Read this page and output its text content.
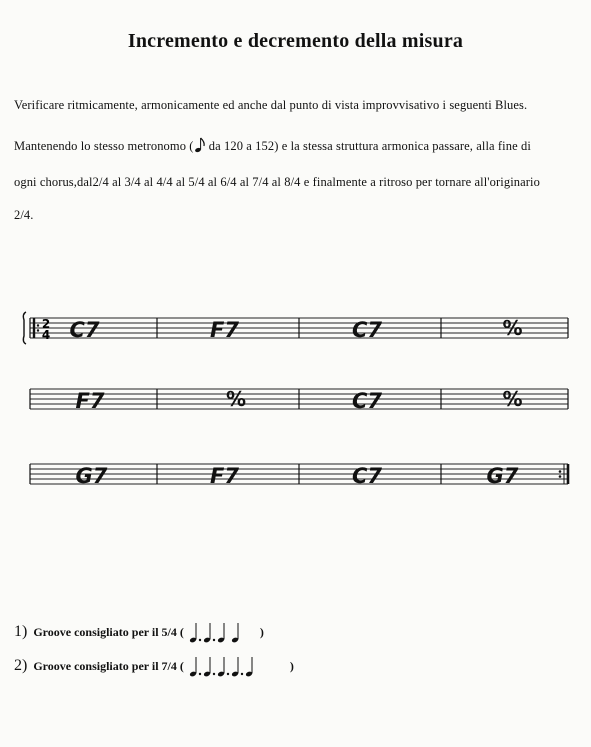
Incremento e decremento della misura
Verificare ritmicamente, armonicamente ed anche dal punto di vista improvvisativo i seguenti Blues.
Mantenendo lo stesso metronomo ( da 120 a 152) e la stessa struttura armonica passare, alla fine di
ogni chorus,dal2/4 al 3/4 al 4/4 al 5/4 al 6/4 al 7/4 al 8/4 e finalmente a ritroso per tornare all'originario
2/4.
C7	F7	C7	%
F7	%	C7	%
G7	F7	C7	G7
2
4
1) Groove consigliato per il 5/4 (	)
2) Groove consigliato per il 7/4 (	)
